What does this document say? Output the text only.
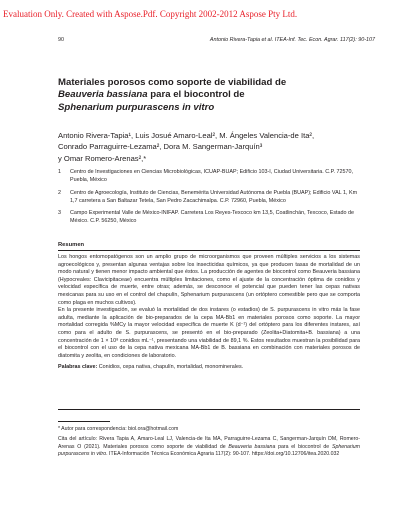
Evaluation Only. Created with Aspose.Pdf. Copyright 2002-2012 Aspose Pty Ltd.
90	Antonio Rivera-Tapia et al. ITEA-Inf. Tec. Econ. Agrar. 117(2): 90-107
Materiales porosos como soporte de viabilidad de
Beauveria bassiana para el biocontrol de
Sphenarium purpurascens in vitro
Antonio Rivera-Tapia¹, Luis Josué Amaro-Leal², M. Ángeles Valencia-de Ita²,
Conrado Parraguirre-Lezama², Dora M. Sangerman-Jarquín³
y Omar Romero-Arenas²,*
1 Centro de Investigaciones en Ciencias Microbiológicas, ICUAP-BUAP; Edificio 103-I, Ciudad Universitaria. C.P. 72570, Puebla, México
2 Centro de Agroecología, Instituto de Ciencias, Benemérita Universidad Autónoma de Puebla (BUAP); Edificio VAL 1, Km 1,7 carretera a San Baltazar Tetela, San Pedro Zacachimalpa. C.P. 72960, Puebla, México
3 Campo Experimental Valle de México-INIFAP. Carretera Los Reyes-Texcoco km 13,5, Coatlinchán, Texcoco, Estado de México. C.P. 56250, México
Resumen

Los hongos entomopatógenos son un amplio grupo de microorganismos que proveen múltiples servicios a los sistemas agroecológicos y, presentan algunas ventajas sobre los insecticidas químicos, ya que producen tasas de mortalidad de un modo natural y tienen menor impacto ambiental que éstos. La producción de agentes de biocontrol como Beauveria bassiana (Hypocreales: Clavicipitaceae) encuentra múltiples limitaciones, como el ajuste de la concentración óptima de conidios y velocidad específica de muerte, entre otras; además, se desconoce el potencial que pueden tener las cepas nativas mexicanas para su uso en el control del chapulín, Sphenarium purpurascens (un ortóptero comestible pero que se comporta como plaga en muchos cultivos).

En la presente investigación, se evaluó la mortalidad de dos instares (o estadios) de S. purpurascens in vitro más la fase adulta, mediante la aplicación de bio-preparados de la cepa MA-Bb1 en materiales porosos como soporte. La mayor mortalidad corregida %MCy la mayor velocidad específica de muerte K (d⁻¹) del ortóptero para los diferentes instares, así como para el adulto de S. purpurascens, se presentó en el bio-preparado (Zeolita+Diatomita+B. bassiana) a una concentración de 1 × 10⁸ conidios mL⁻¹, presentando una viabilidad de 89,1 %. Estos resultados muestran la posibilidad para el biocontrol con el uso de la cepa nativa mexicana MA-Bb1 de B. bassiana en combinación con materiales porosos de diatomita y zeolita, en condiciones de laboratorio.

Palabras clave: Conidios, cepa nativa, chapulín, mortalidad, monominerales.

* Autor para correspondencia: biol.ora@hotmail.com

Cita del artículo: Rivera Tapia A, Amaro-Leal LJ, Valencia-de Ita MA, Parraguirre-Lezama C, Sangerman-Jarquín DM, Romero-Arenas O (2021). Materiales porosos como soporte de viabilidad de Beauveria bassiana para el biocontrol de Sphenarium purpurascens in vitro. ITEA-Información Técnica Económica Agraria 117(2): 90-107. https://doi.org/10.12706/itea.2020.032
